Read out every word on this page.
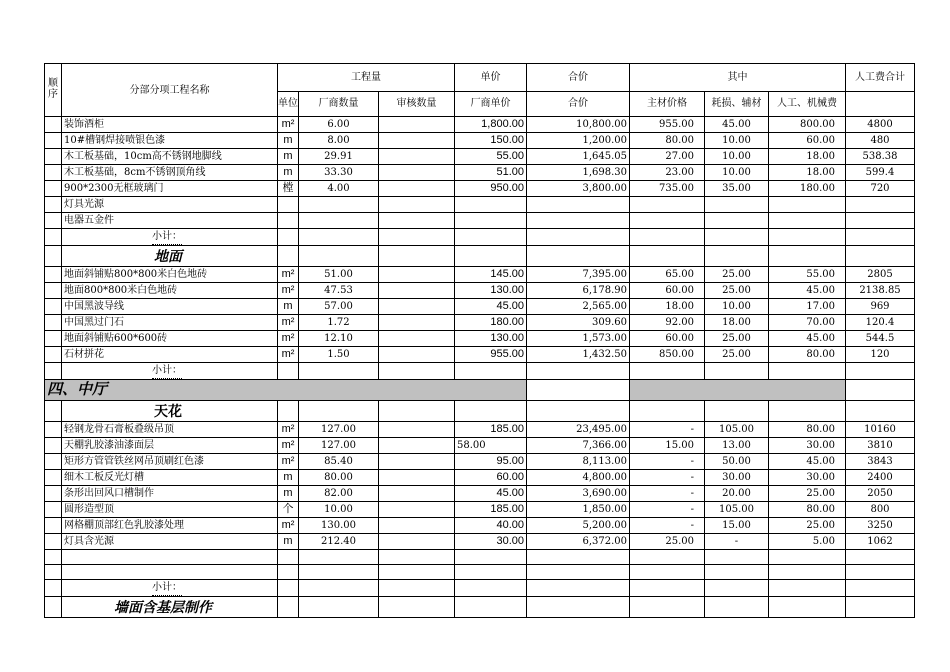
顺序	分部分项工程名称	工程量			单价	合价	其中			人工费合计
		单位	厂商数量	审核数量	厂商单价	合价	主材价格	耗损、辅材	人工、机械费	
	装饰酒柜	m²	6.00		1,800.00	10,800.00	955.00	45.00	800.00	4800
	10#槽钢焊接喷银色漆	m	8.00		150.00	1,200.00	80.00	10.00	60.00	480
	木工板基础，10cm高不锈钢地脚线	m	29.91		55.00	1,645.05	27.00	10.00	18.00	538.38
	木工板基础，8cm不锈钢顶角线	m	33.30		51.00	1,698.30	23.00	10.00	18.00	599.4
	900*2300无框玻璃门	樘	4.00		950.00	3,800.00	735.00	35.00	180.00	720
	灯具光源									
	电器五金件									
	小计：									
	地面									
	地面斜铺贴800*800米白色地砖	m²	51.00		145.00	7,395.00	65.00	25.00	55.00	2805
	地面800*800米白色地砖	m²	47.53		130.00	6,178.90	60.00	25.00	45.00	2138.85
	中国黑波导线	m	57.00		45.00	2,565.00	18.00	10.00	17.00	969
	中国黑过门石	m²	1.72		180.00	309.60	92.00	18.00	70.00	120.4
	地面斜铺贴600*600砖	m²	12.10		130.00	1,573.00	60.00	25.00	45.00	544.5
	石材拼花	m²	1.50		955.00	1,432.50	850.00	25.00	80.00	120
	小计：									
四、中厅										
	天花									
	轻钢龙骨石膏板叠级吊顶	m²	127.00		185.00	23,495.00	-	105.00	80.00	10160
	天棚乳胶漆油漆面层	m²	127.00		58.00	7,366.00	15.00	13.00	30.00	3810
	矩形方管管铁丝网吊顶刷红色漆	m²	85.40		95.00	8,113.00	-	50.00	45.00	3843
	细木工板反光灯槽	m	80.00		60.00	4,800.00	-	30.00	30.00	2400
	条形出回风口槽制作	m	82.00		45.00	3,690.00	-	20.00	25.00	2050
	圆形造型顶	个	10.00		185.00	1,850.00	-	105.00	80.00	800
	网格棚顶部红色乳胶漆处理	m²	130.00		40.00	5,200.00	-	15.00	25.00	3250
	灯具含光源	m	212.40		30.00	6,372.00	25.00	-	5.00	1062

	小计：									
	墙面含基层制作									
